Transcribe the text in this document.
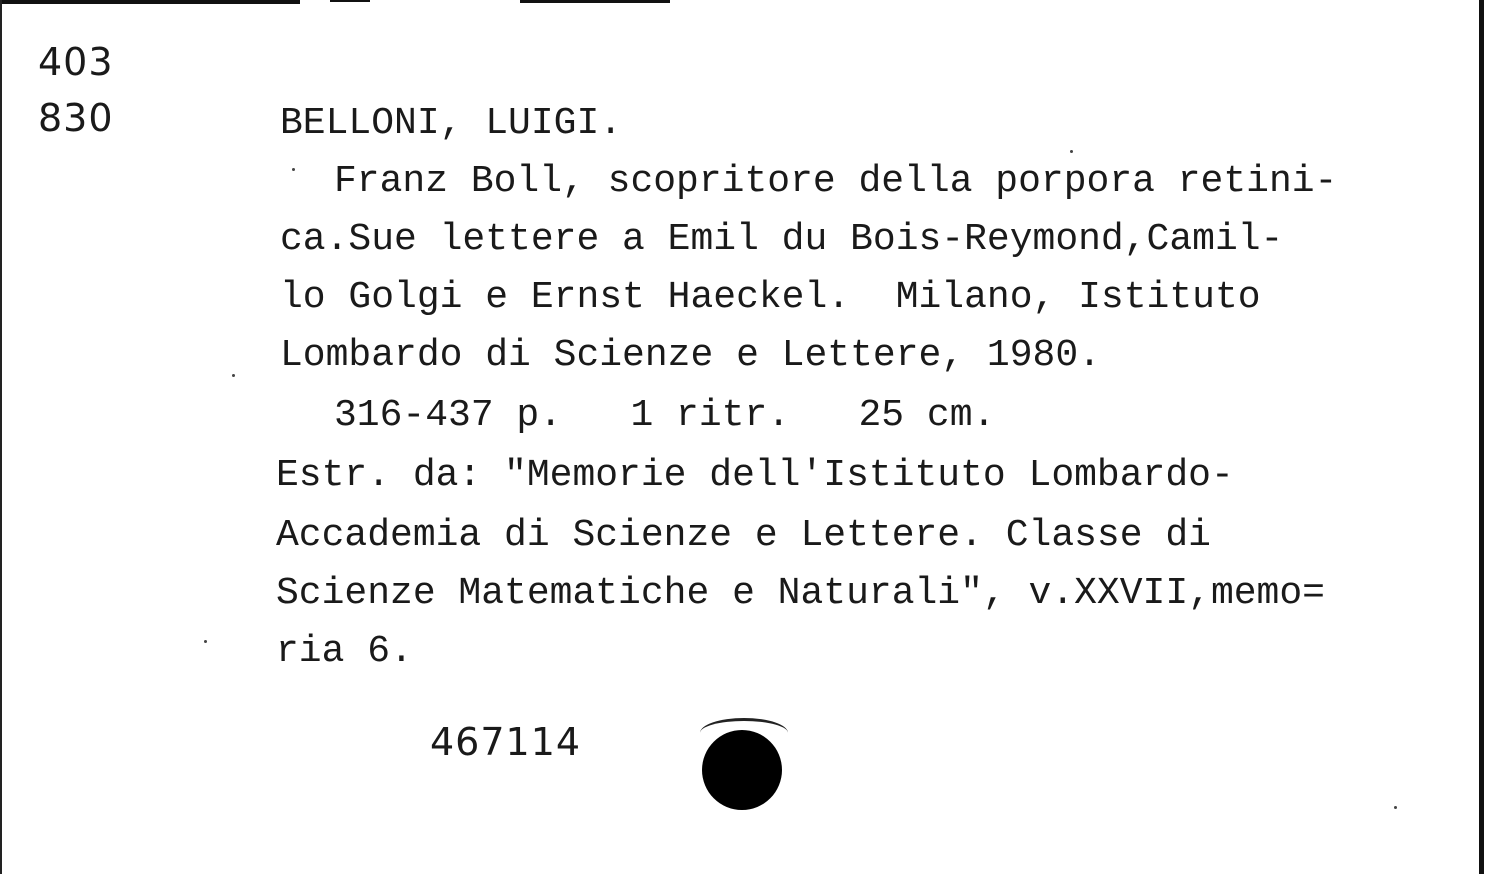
403
830	BELLONI, LUIGI.
Franz Boll, scopritore della porpora retini-
ca.Sue lettere a Emil du Bois-Reymond,Camil-
lo Golgi e Ernst Haeckel.  Milano, Istituto
Lombardo di Scienze e Lettere, 1980.
316-437 p.   1 ritr.   25 cm.
Estr. da: "Memorie dell'Istituto Lombardo-
Accademia di Scienze e Lettere. Classe di
Scienze Matematiche e Naturali", v.XXVII,memo=
ria 6.
467114
